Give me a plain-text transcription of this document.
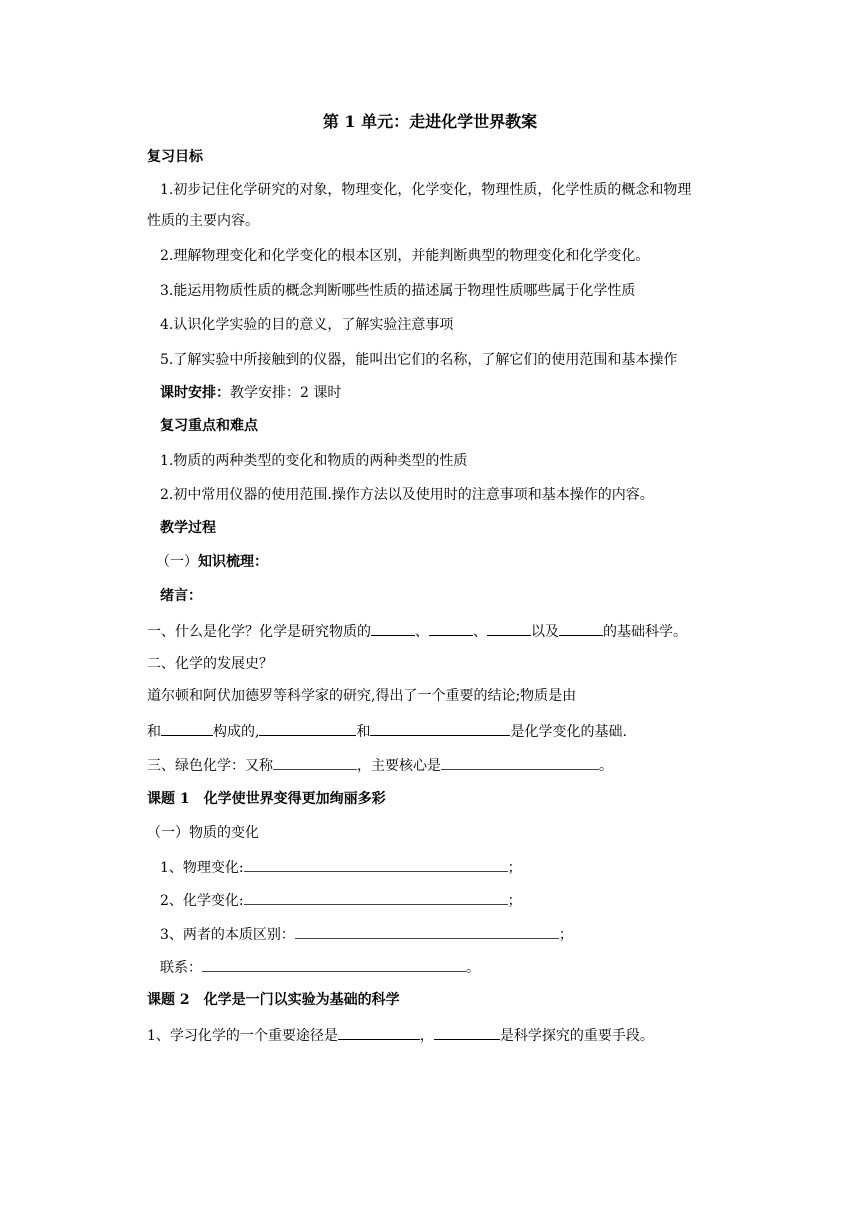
第 1 单元：走进化学世界教案
复习目标
1.初步记住化学研究的对象，物理变化，化学变化，物理性质，化学性质的概念和物理
性质的主要内容。
2.理解物理变化和化学变化的根本区别，并能判断典型的物理变化和化学变化。
3.能运用物质性质的概念判断哪些性质的描述属于物理性质哪些属于化学性质
4.认识化学实验的目的意义，了解实验注意事项
5.了解实验中所接触到的仪器，能叫出它们的名称，了解它们的使用范围和基本操作
课时安排：教学安排：2 课时
复习重点和难点
1.物质的两种类型的变化和物质的两种类型的性质
2.初中常用仪器的使用范围.操作方法以及使用时的注意事项和基本操作的内容。
教学过程
（一）知识梳理：
绪言：
一、什么是化学？化学是研究物质的	、	、	以及	的基础科学。
二、化学的发展史？
道尔顿和阿伏加德罗等科学家的研究,得出了一个重要的结论;物质是由
和	构成的,	和	是化学变化的基础.
三、绿色化学：又称	，主要核心是	。
课题 1　化学使世界变得更加绚丽多彩
（一）物质的变化
1、物理变化:	；
2、化学变化:	；
3、两者的本质区别：	；
联系：	。
课题 2　化学是一门以实验为基础的科学
1、学习化学的一个重要途径是	，	是科学探究的重要手段。
